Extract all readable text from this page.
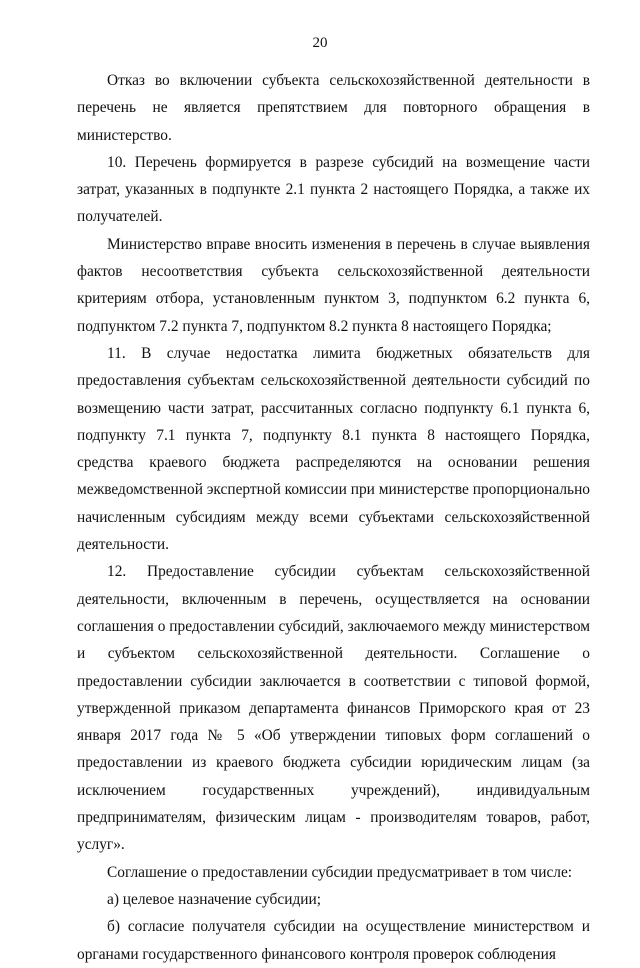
20

Отказ во включении субъекта сельскохозяйственной деятельности в перечень не является препятствием для повторного обращения в министерство.

10. Перечень формируется в разрезе субсидий на возмещение части затрат, указанных в подпункте 2.1 пункта 2 настоящего Порядка, а также их получателей.

Министерство вправе вносить изменения в перечень в случае выявления фактов несоответствия субъекта сельскохозяйственной деятельности критериям отбора, установленным пунктом 3, подпунктом 6.2 пункта 6, подпунктом 7.2 пункта 7, подпунктом 8.2 пункта 8 настоящего Порядка;

11. В случае недостатка лимита бюджетных обязательств для предоставления субъектам сельскохозяйственной деятельности субсидий по возмещению части затрат, рассчитанных согласно подпункту 6.1 пункта 6, подпункту 7.1 пункта 7, подпункту 8.1 пункта 8 настоящего Порядка, средства краевого бюджета распределяются на основании решения межведомственной экспертной комиссии при министерстве пропорционально начисленным субсидиям между всеми субъектами сельскохозяйственной деятельности.

12. Предоставление субсидии субъектам сельскохозяйственной деятельности, включенным в перечень, осуществляется на основании соглашения о предоставлении субсидий, заключаемого между министерством и субъектом сельскохозяйственной деятельности. Соглашение о предоставлении субсидии заключается в соответствии с типовой формой, утвержденной приказом департамента финансов Приморского края от 23 января 2017 года № 5 «Об утверждении типовых форм соглашений о предоставлении из краевого бюджета субсидии юридическим лицам (за исключением государственных учреждений), индивидуальным предпринимателям, физическим лицам - производителям товаров, работ, услуг».

Соглашение о предоставлении субсидии предусматривает в том числе:

а) целевое назначение субсидии;

б) согласие получателя субсидии на осуществление министерством и органами государственного финансового контроля проверок соблюдения
